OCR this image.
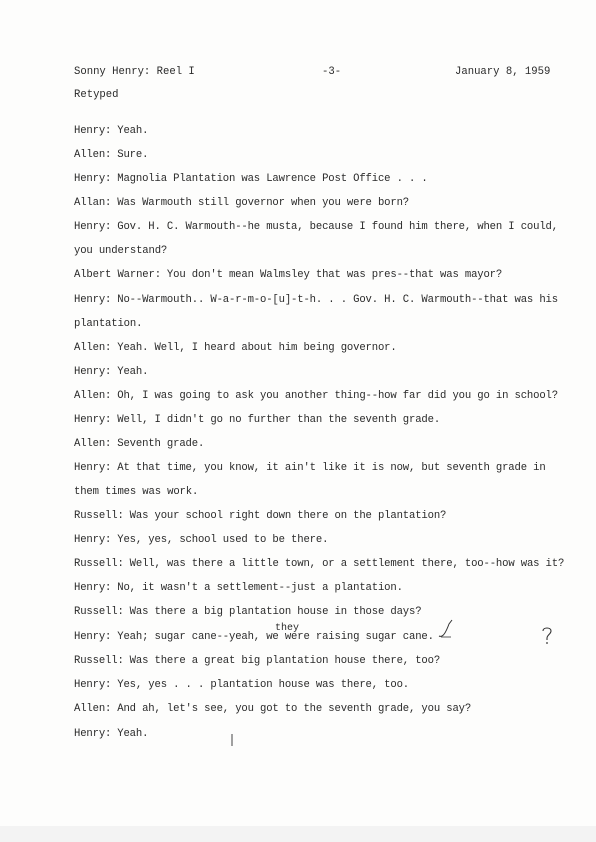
Sonny Henry: Reel I	-3-	January 8, 1959
Retyped
Henry: Yeah.
Allen: Sure.
Henry: Magnolia Plantation was Lawrence Post Office . . .
Allan: Was Warmouth still governor when you were born?
Henry: Gov. H. C. Warmouth--he musta, because I found him there, when I could,
you understand?
Albert Warner: You don't mean Walmsley that was pres--that was mayor?
Henry: No--Warmouth.. W-a-r-m-o-[u]-t-h. . . Gov. H. C. Warmouth--that was his
plantation.
Allen: Yeah. Well, I heard about him being governor.
Henry: Yeah.
Allen: Oh, I was going to ask you another thing--how far did you go in school?
Henry: Well, I didn't go no further than the seventh grade.
Allen: Seventh grade.
Henry: At that time, you know, it ain't like it is now, but seventh grade in
them times was work.
Russell: Was your school right down there on the plantation?
Henry: Yes, yes, school used to be there.
Russell: Well, was there a little town, or a settlement there, too--how was it?
Henry: No, it wasn't a settlement--just a plantation.
Russell: Was there a big plantation house in those days?
Henry: Yeah; sugar cane--yeah, we were raising sugar cane.
Russell: Was there a great big plantation house there, too?
Henry: Yes, yes . . . plantation house was there, too.
Allen: And ah, let's see, you got to the seventh grade, you say?
Henry: Yeah.
they
